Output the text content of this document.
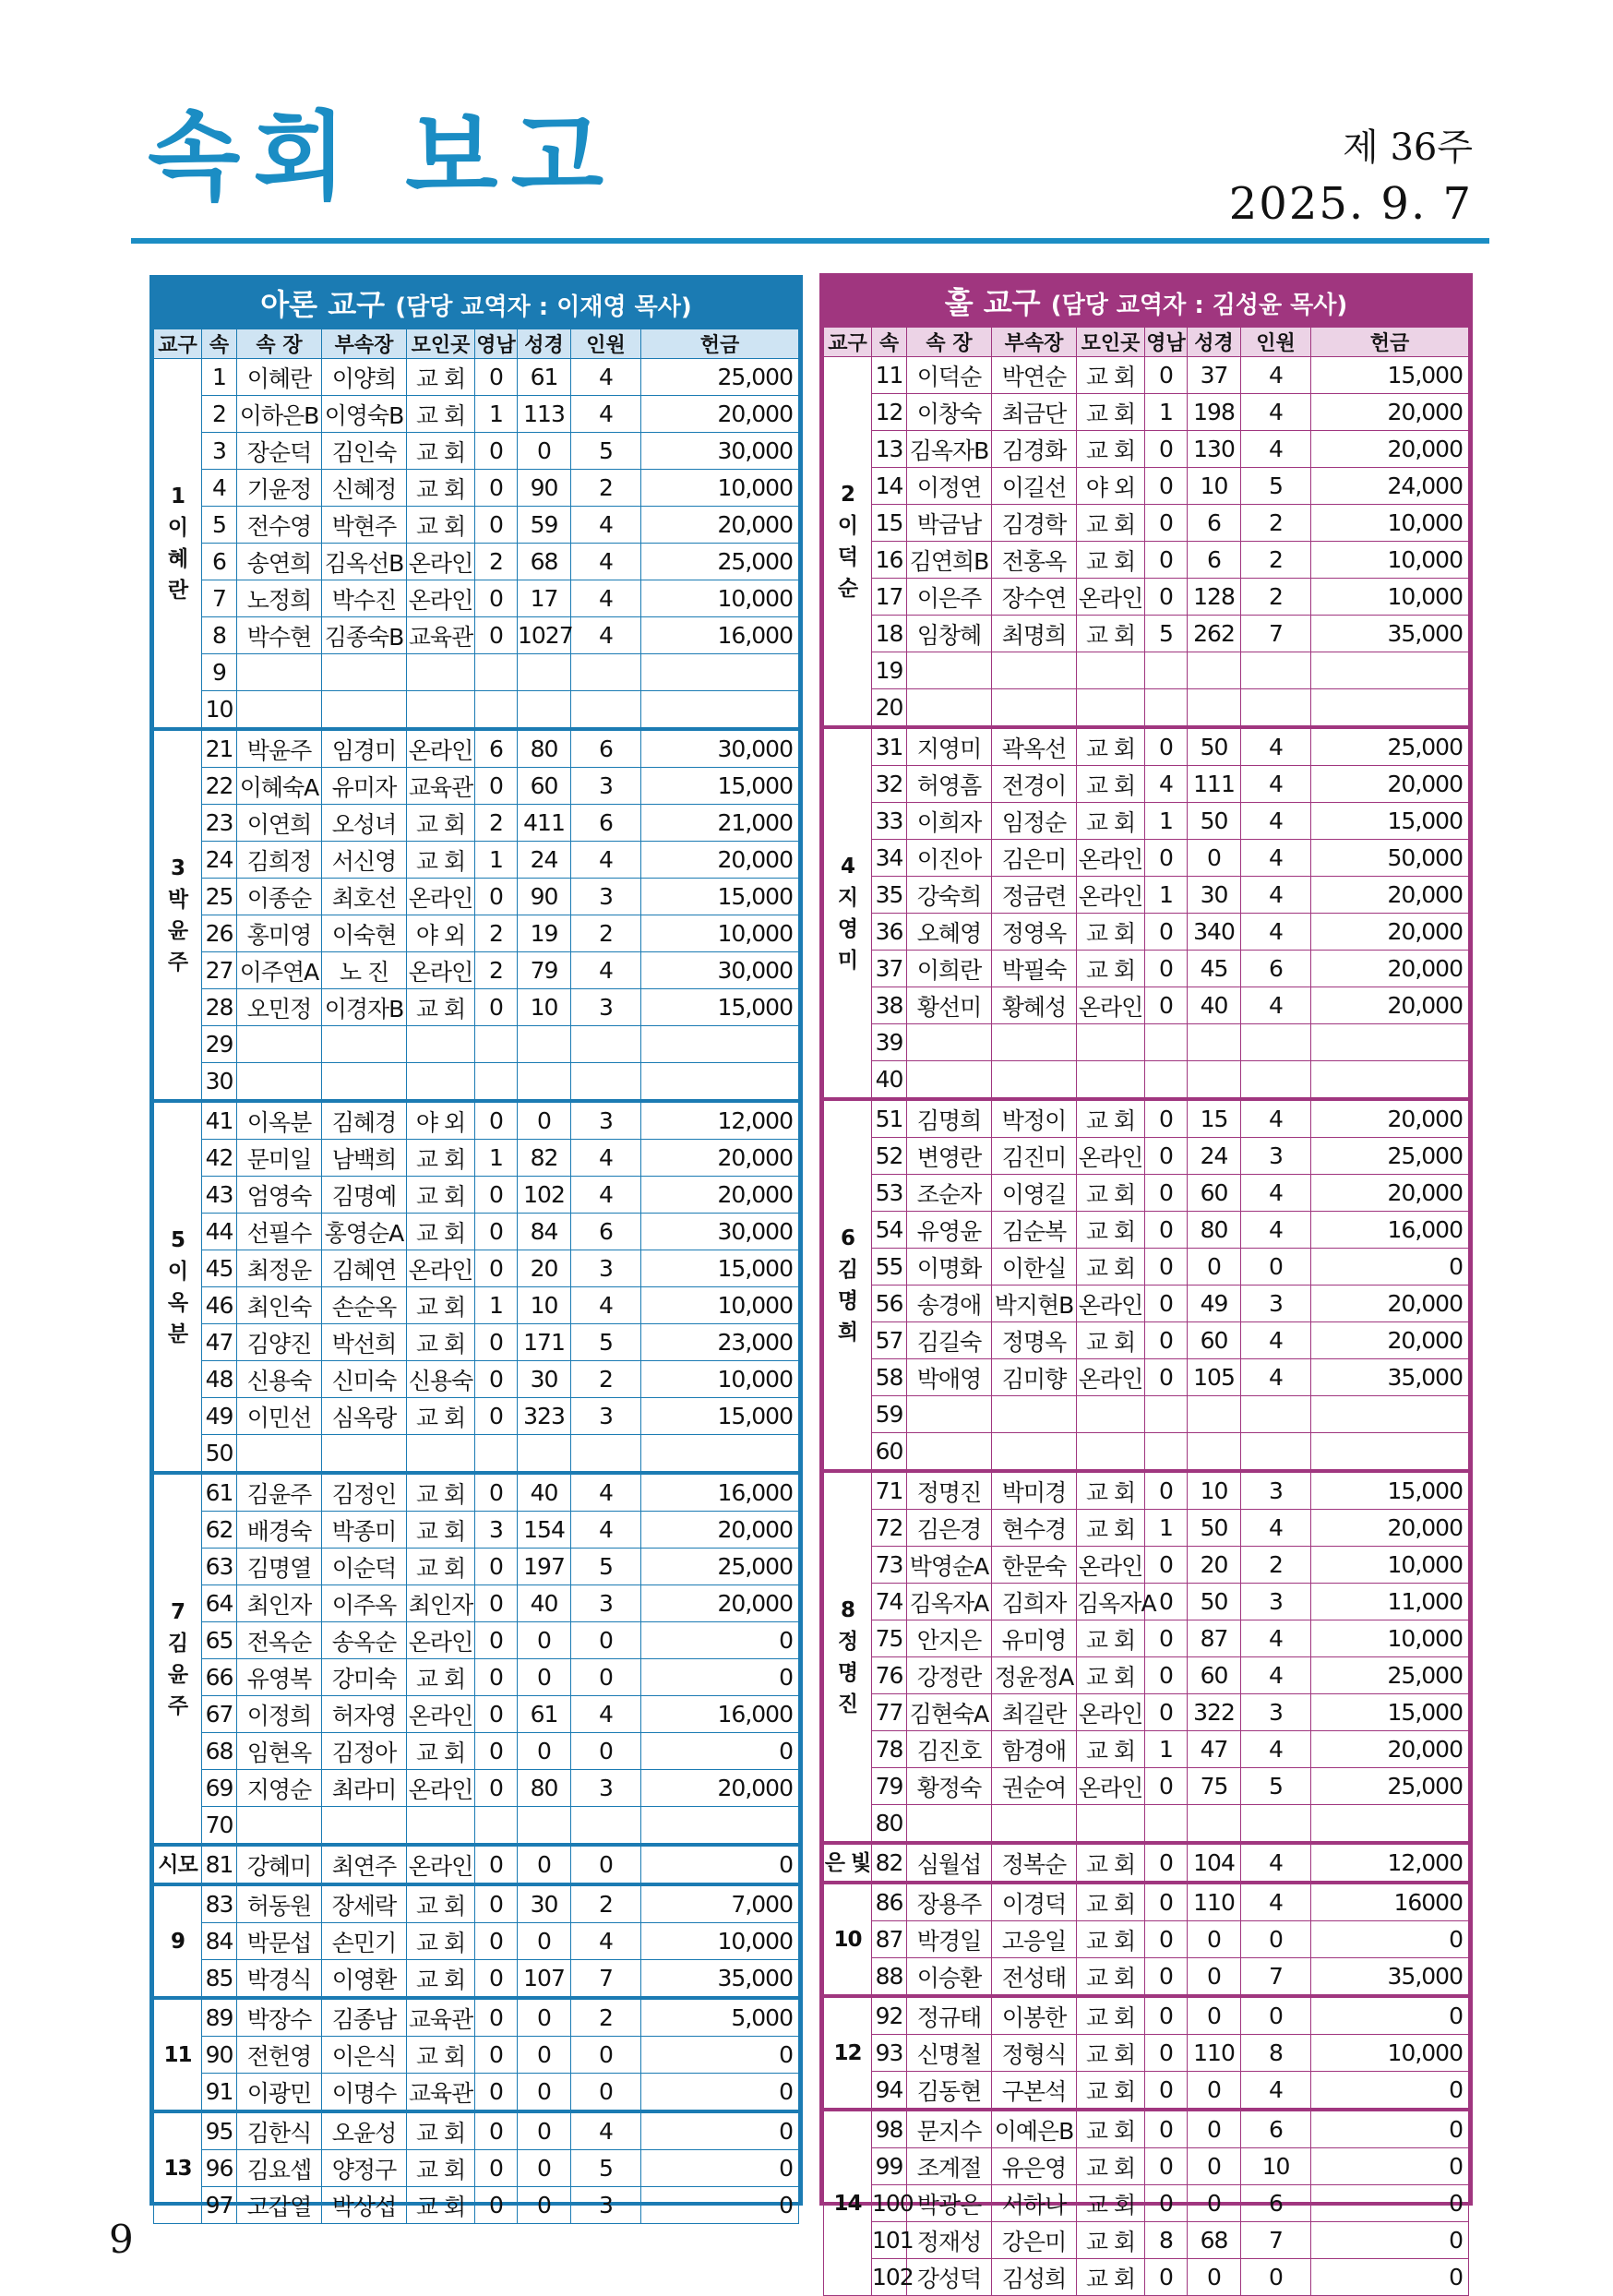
속회 보고	제 36주
2025. 9. 7
아론 교구 (담당 교역자 : 이재영 목사)
교구	속	속 장	부속장	모인곳	영남	성경	인원	헌금
1
이
혜
란	1	이혜란	이양희	교 회	0	61	4	25,000
	2	이하은B	이영숙B	교 회	1	113	4	20,000
	3	장순덕	김인숙	교 회	0	0	5	30,000
	4	기윤정	신혜정	교 회	0	90	2	10,000
	5	전수영	박현주	교 회	0	59	4	20,000
	6	송연희	김옥선B	온라인	2	68	4	25,000
	7	노정희	박수진	온라인	0	17	4	10,000
	8	박수현	김종숙B	교육관	0	1027	4	16,000
	9							
	10							
3
박
윤
주	21	박윤주	임경미	온라인	6	80	6	30,000
	22	이혜숙A	유미자	교육관	0	60	3	15,000
	23	이연희	오성녀	교 회	2	411	6	21,000
	24	김희정	서신영	교 회	1	24	4	20,000
	25	이종순	최호선	온라인	0	90	3	15,000
	26	홍미영	이숙현	야 외	2	19	2	10,000
	27	이주연A	노 진	온라인	2	79	4	30,000
	28	오민정	이경자B	교 회	0	10	3	15,000
	29							
	30							
5
이
옥
분	41	이옥분	김혜경	야 외	0	0	3	12,000
	42	문미일	남백희	교 회	1	82	4	20,000
	43	엄영숙	김명예	교 회	0	102	4	20,000
	44	선필수	홍영순A	교 회	0	84	6	30,000
	45	최정운	김혜연	온라인	0	20	3	15,000
	46	최인숙	손순옥	교 회	1	10	4	10,000
	47	김양진	박선희	교 회	0	171	5	23,000
	48	신용숙	신미숙	신용숙	0	30	2	10,000
	49	이민선	심옥랑	교 회	0	323	3	15,000
	50							
7
김
윤
주	61	김윤주	김정인	교 회	0	40	4	16,000
	62	배경숙	박종미	교 회	3	154	4	20,000
	63	김명열	이순덕	교 회	0	197	5	25,000
	64	최인자	이주옥	최인자	0	40	3	20,000
	65	전옥순	송옥순	온라인	0	0	0	0
	66	유영복	강미숙	교 회	0	0	0	0
	67	이정희	허자영	온라인	0	61	4	16,000
	68	임현옥	김정아	교 회	0	0	0	0
	69	지영순	최라미	온라인	0	80	3	20,000
	70							
시모	81	강혜미	최연주	온라인	0	0	0	0
9	83	허동원	장세락	교 회	0	30	2	7,000
	84	박문섭	손민기	교 회	0	0	4	10,000
	85	박경식	이영환	교 회	0	107	7	35,000
11	89	박장수	김종남	교육관	0	0	2	5,000
	90	전헌영	이은식	교 회	0	0	0	0
	91	이광민	이명수	교육관	0	0	0	0
13	95	김한식	오윤성	교 회	0	0	4	0
	96	김요셉	양정구	교 회	0	0	5	0
	97	고갑열	박상섭	교 회	0	0	3	0
훌 교구 (담당 교역자 : 김성윤 목사)
교구	속	속 장	부속장	모인곳	영남	성경	인원	헌금
2
이
덕
순	11	이덕순	박연순	교 회	0	37	4	15,000
	12	이창숙	최금단	교 회	1	198	4	20,000
	13	김옥자B	김경화	교 회	0	130	4	20,000
	14	이정연	이길선	야 외	0	10	5	24,000
	15	박금남	김경학	교 회	0	6	2	10,000
	16	김연희B	전홍옥	교 회	0	6	2	10,000
	17	이은주	장수연	온라인	0	128	2	10,000
	18	임창혜	최명희	교 회	5	262	7	35,000
	19							
	20							
4
지
영
미	31	지영미	곽옥선	교 회	0	50	4	25,000
	32	허영흠	전경이	교 회	4	111	4	20,000
	33	이희자	임정순	교 회	1	50	4	15,000
	34	이진아	김은미	온라인	0	0	4	50,000
	35	강숙희	정금련	온라인	1	30	4	20,000
	36	오혜영	정영옥	교 회	0	340	4	20,000
	37	이희란	박필숙	교 회	0	45	6	20,000
	38	황선미	황혜성	온라인	0	40	4	20,000
	39							
	40							
6
김
명
희	51	김명희	박정이	교 회	0	15	4	20,000
	52	변영란	김진미	온라인	0	24	3	25,000
	53	조순자	이영길	교 회	0	60	4	20,000
	54	유영윤	김순복	교 회	0	80	4	16,000
	55	이명화	이한실	교 회	0	0	0	0
	56	송경애	박지현B	온라인	0	49	3	20,000
	57	김길숙	정명옥	교 회	0	60	4	20,000
	58	박애영	김미향	온라인	0	105	4	35,000
	59							
	60							
8
정
명
진	71	정명진	박미경	교 회	0	10	3	15,000
	72	김은경	현수경	교 회	1	50	4	20,000
	73	박영순A	한문숙	온라인	0	20	2	10,000
	74	김옥자A	김희자	김옥자A	0	50	3	11,000
	75	안지은	유미영	교 회	0	87	4	10,000
	76	강정란	정윤정A	교 회	0	60	4	25,000
	77	김현숙A	최길란	온라인	0	322	3	15,000
	78	김진호	함경애	교 회	1	47	4	20,000
	79	황정숙	권순여	온라인	0	75	5	25,000
	80							
은 빛	82	심월섭	정복순	교 회	0	104	4	12,000
10	86	장용주	이경덕	교 회	0	110	4	16000
	87	박경일	고응일	교 회	0	0	0	0
	88	이승환	전성태	교 회	0	0	7	35,000
12	92	정규태	이봉한	교 회	0	0	0	0
	93	신명철	정형식	교 회	0	110	8	10,000
	94	김동현	구본석	교 회	0	0	4	0
14	98	문지수	이예은B	교 회	0	0	6	0
	99	조계절	유은영	교 회	0	0	10	0
	100	박광은	서하나	교 회	0	0	6	0
	101	정재성	강은미	교 회	8	68	7	0
	102	강성덕	김성희	교 회	0	0	0	0
9
